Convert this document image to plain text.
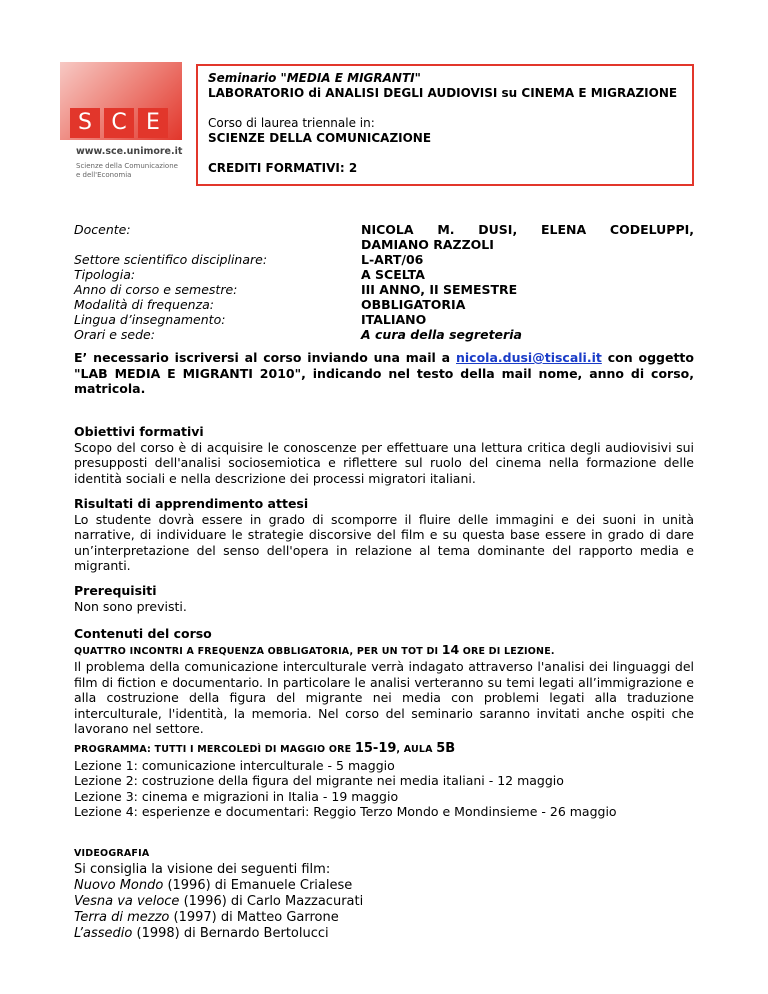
S C E
www.sce.unimore.it
Scienze della Comunicazione
e dell'Economia
Seminario "MEDIA E MIGRANTI"
LABORATORIO di ANALISI DEGLI AUDIOVISI su CINEMA E MIGRAZIONE
Corso di laurea triennale in:
SCIENZE DELLA COMUNICAZIONE
CREDITI FORMATIVI: 2
Docente:
Settore scientifico disciplinare:
Tipologia:
Anno di corso e semestre:
Modalità di frequenza:
Lingua d’insegnamento:
Orari e sede:
NICOLA M. DUSI, ELENA CODELUPPI,
DAMIANO RAZZOLI
L-ART/06
A SCELTA
III ANNO, II SEMESTRE
OBBLIGATORIA
ITALIANO
A cura della segreteria
E’ necessario iscriversi al corso inviando una mail a nicola.dusi@tiscali.it con oggetto "LAB MEDIA E MIGRANTI 2010", indicando nel testo della mail nome, anno di corso, matricola.
Obiettivi formativi
Scopo del corso è di acquisire le conoscenze per effettuare una lettura critica degli audiovisivi sui presupposti dell'analisi sociosemiotica e riflettere sul ruolo del cinema nella formazione delle identità sociali e nella descrizione dei processi migratori italiani.
Risultati di apprendimento attesi
Lo studente dovrà essere in grado di scomporre il fluire delle immagini e dei suoni in unità narrative, di individuare le strategie discorsive del film e su questa base essere in grado di dare un’interpretazione del senso dell'opera in relazione al tema dominante del rapporto media e migranti.
Prerequisiti
Non sono previsti.
Contenuti del corso
QUATTRO INCONTRI A FREQUENZA OBBLIGATORIA, PER UN TOT DI 14 ORE DI LEZIONE.
Il problema della comunicazione interculturale verrà indagato attraverso l'analisi dei linguaggi del film di fiction e documentario. In particolare le analisi verteranno su temi legati all’immigrazione e alla costruzione della figura del migrante nei media con problemi legati alla traduzione interculturale, l'identità, la memoria. Nel corso del seminario saranno invitati anche ospiti che lavorano nel settore.
PROGRAMMA: TUTTI I MERCOLEDÌ DI MAGGIO ORE 15-19, AULA 5B
Lezione 1: comunicazione interculturale - 5 maggio
Lezione 2: costruzione della figura del migrante nei media italiani - 12 maggio
Lezione 3: cinema e migrazioni in Italia - 19 maggio
Lezione 4: esperienze e documentari: Reggio Terzo Mondo e Mondinsieme - 26 maggio
VIDEOGRAFIA
Si consiglia la visione dei seguenti film:
Nuovo Mondo (1996) di Emanuele Crialese
Vesna va veloce (1996) di Carlo Mazzacurati
Terra di mezzo (1997) di Matteo Garrone
L’assedio (1998) di Bernardo Bertolucci
